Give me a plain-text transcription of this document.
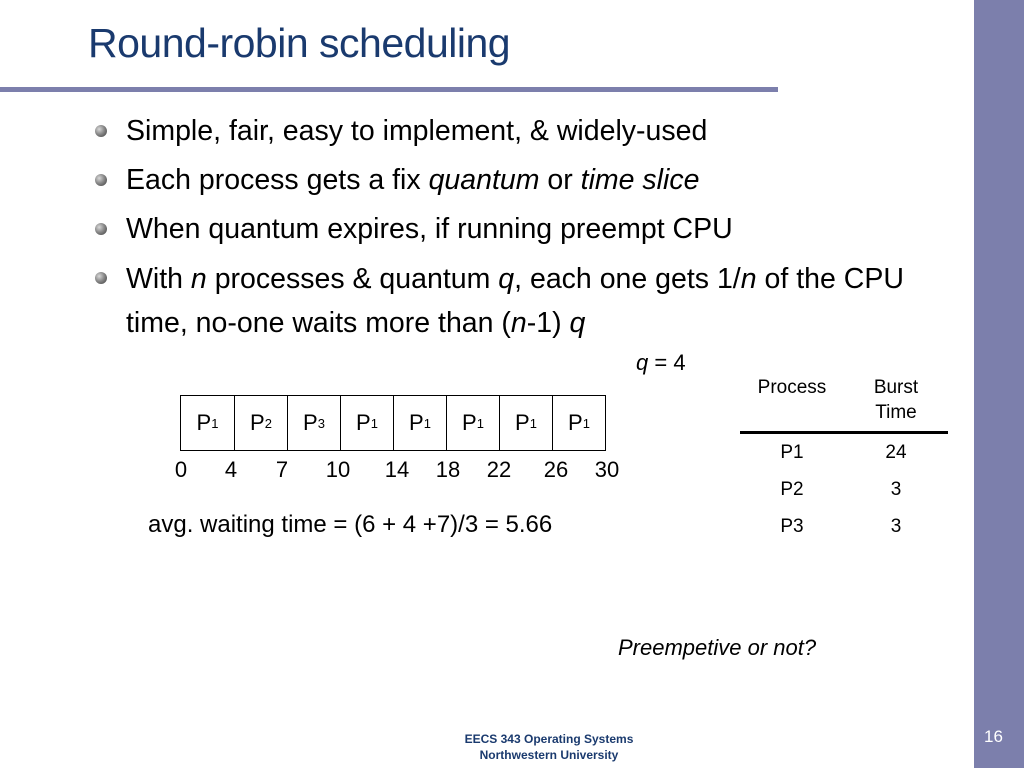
Round-robin scheduling
Simple, fair, easy to implement, & widely-used
Each process gets a fix quantum or time slice
When quantum expires, if running preempt CPU
With n processes & quantum q, each one gets 1/n of the CPU time, no-one waits more than (n-1) q
q = 4
P 1 P 2 P 3 P 1 P 1 P 1 P 1 P 1
0 4 7 10 14 18 22 26 30
avg. waiting time = (6 + 4 +7)/3 = 5.66
Process	Burst
Time
P1	24
P2	3
P3	3
Preempetive or not?
EECS 343 Operating Systems
Northwestern University
16
